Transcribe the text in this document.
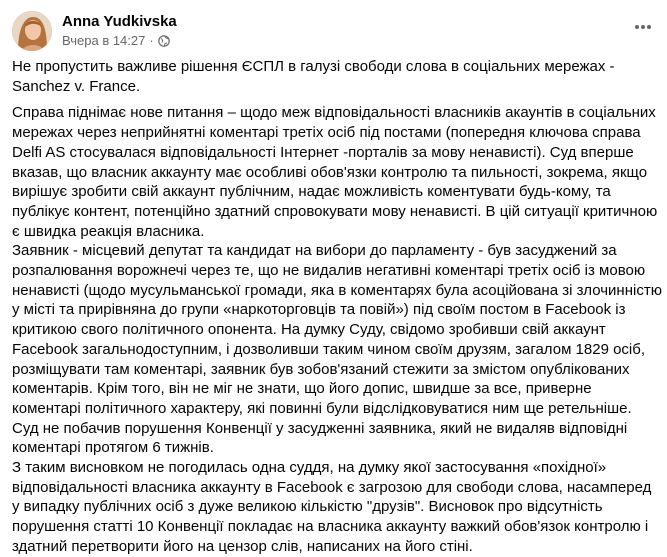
Anna Yudkivska
Вчера в 14:27 ·

Не пропустить важливе рішення ЄСПЛ в галузі свободи слова в соціальних мережах - Sanchez v. France.

Справа піднімає нове питання – щодо меж відповідальності власників акаунтів в соціальних мережах через неприйнятні коментарі третіх осіб під постами (попередня ключова справа Delfi AS стосувалася відповідальності Інтернет -порталів за мову ненависті). Суд вперше вказав, що власник аккаунту має особливі обов'язки контролю та пильності, зокрема, якщо вирішує зробити свій аккаунт публічним, надає можливість коментувати будь-кому, та публікує контент, потенційно здатний спровокувати мову ненависті. В цій ситуації критичною є швидка реакція власника.

Заявник - місцевий депутат та кандидат на вибори до парламенту - був засуджений за розпалювання ворожнечі через те, що не видалив негативні коментарі третіх осіб із мовою ненависті (щодо мусульманської громади, яка в коментарях була асоційована зі злочинністю у місті та прирівняна до групи «наркоторговців та повій») під своїм постом в Facebook із критикою свого політичного опонента. На думку Суду, свідомо зробивши свій аккаунт Facebook загальнодоступним, і дозволивши таким чином своїм друзям, загалом 1829 осіб, розміщувати там коментарі, заявник був зобов'язаний стежити за змістом опублікованих коментарів. Крім того, він не міг не знати, що його допис, швидше за все, приверне коментарі політичного характеру, які повинні були відслідковуватися ним ще ретельніше. Суд не побачив порушення Конвенції у засудженні заявника, який не видаляв відповідні коментарі протягом 6 тижнів.

З таким висновком не погодилась одна суддя, на думку якої застосування «похідної» відповідальності власника аккаунту в Facebook є загрозою для свободи слова, насамперед у випадку публічних осіб з дуже великою кількістю "друзів". Висновок про відсутність порушення статті 10 Конвенції покладає на власника аккаунту важкий обов'язок контролю і здатний перетворити його на цензор слів, написаних на його стіні.
